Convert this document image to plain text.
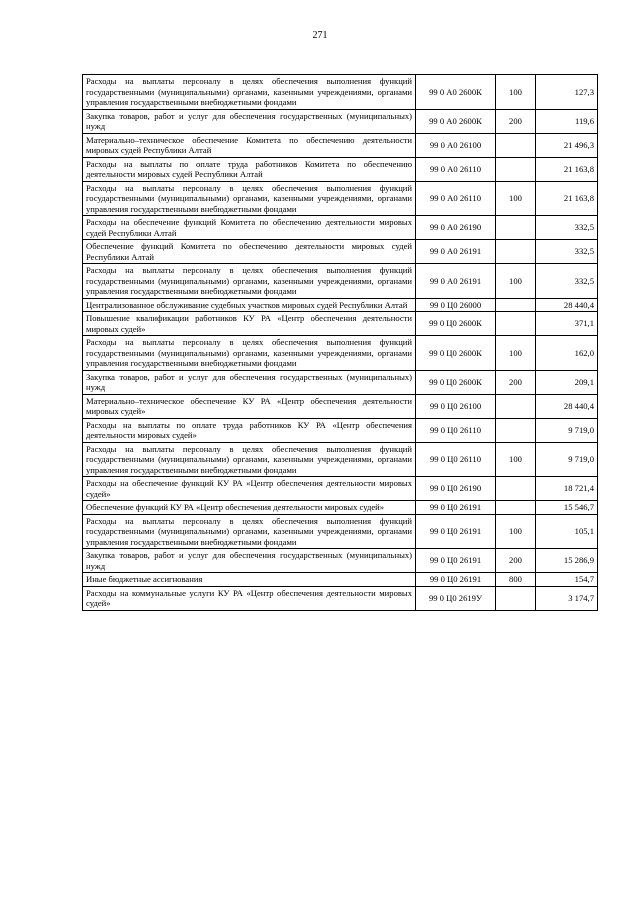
271
Расходы на выплаты персоналу в целях обеспечения выполнения функций государственными (муниципальными) органами, казенными учреждениями, органами управления государственными внебюджетными фондами	99 0 А0 2600К	100	127,3
Закупка товаров, работ и услуг для обеспечения государственных (муниципальных) нужд	99 0 А0 2600К	200	119,6
Материально–техническое обеспечение Комитета по обеспечению деятельности мировых судей Республики Алтай	99 0 А0 26100		21 496,3
Расходы на выплаты по оплате труда работников Комитета по обеспечению деятельности мировых судей Республики Алтай	99 0 А0 26110		21 163,8
Расходы на выплаты персоналу в целях обеспечения выполнения функций государственными (муниципальными) органами, казенными учреждениями, органами управления государственными внебюджетными фондами	99 0 А0 26110	100	21 163,8
Расходы на обеспечение функций Комитета по обеспечению деятельности мировых судей Республики Алтай	99 0 А0 26190		332,5
Обеспечение функций Комитета по обеспечению деятельности мировых судей Республики Алтай	99 0 А0 26191		332,5
Расходы на выплаты персоналу в целях обеспечения выполнения функций государственными (муниципальными) органами, казенными учреждениями, органами управления государственными внебюджетными фондами	99 0 А0 26191	100	332,5
Централизованное обслуживание судебных участков мировых судей Республики Алтай	99 0 Ц0 26000		28 440,4
Повышение квалификации работников КУ РА «Центр обеспечения деятельности мировых судей»	99 0 Ц0 2600К		371,1
Расходы на выплаты персоналу в целях обеспечения выполнения функций государственными (муниципальными) органами, казенными учреждениями, органами управления государственными внебюджетными фондами	99 0 Ц0 2600К	100	162,0
Закупка товаров, работ и услуг для обеспечения государственных (муниципальных) нужд	99 0 Ц0 2600К	200	209,1
Материально–техническое обеспечение КУ РА «Центр обеспечения деятельности мировых судей»	99 0 Ц0 26100		28 440,4
Расходы на выплаты по оплате труда работников КУ РА «Центр обеспечения деятельности мировых судей»	99 0 Ц0 26110		9 719,0
Расходы на выплаты персоналу в целях обеспечения выполнения функций государственными (муниципальными) органами, казенными учреждениями, органами управления государственными внебюджетными фондами	99 0 Ц0 26110	100	9 719,0
Расходы на обеспечение функций КУ РА «Центр обеспечения деятельности мировых судей»	99 0 Ц0 26190		18 721,4
Обеспечение функций КУ РА «Центр обеспечения деятельности мировых судей»	99 0 Ц0 26191		15 546,7
Расходы на выплаты персоналу в целях обеспечения выполнения функций государственными (муниципальными) органами, казенными учреждениями, органами управления государственными внебюджетными фондами	99 0 Ц0 26191	100	105,1
Закупка товаров, работ и услуг для обеспечения государственных (муниципальных) нужд	99 0 Ц0 26191	200	15 286,9
Иные бюджетные ассигнования	99 0 Ц0 26191	800	154,7
Расходы на коммунальные услуги КУ РА «Центр обеспечения деятельности мировых судей»	99 0 Ц0 2619У		3 174,7
